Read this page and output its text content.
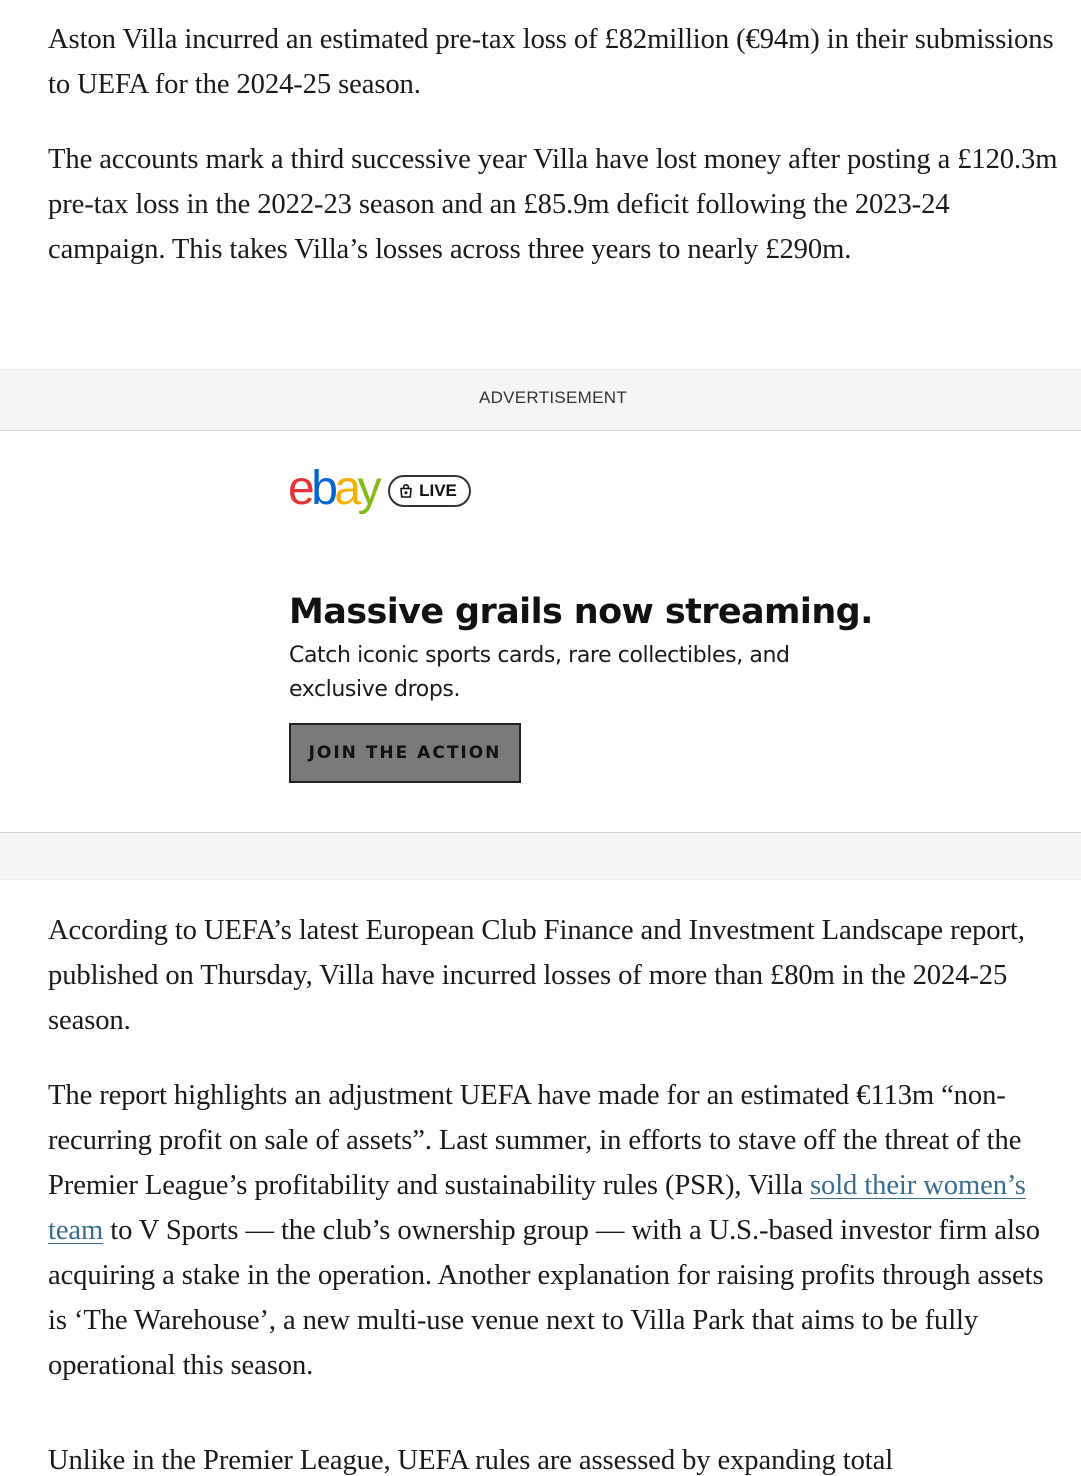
Aston Villa incurred an estimated pre-tax loss of £82million (€94m) in their submissions to UEFA for the 2024-25 season.

The accounts mark a third successive year Villa have lost money after posting a £120.3m pre-tax loss in the 2022-23 season and an £85.9m deficit following the 2023-24 campaign. This takes Villa’s losses across three years to nearly £290m.

ADVERTISEMENT
ebay LIVE
Massive grails now streaming.

Catch iconic sports cards, rare collectibles, and exclusive drops.

JOIN THE ACTION

According to UEFA’s latest European Club Finance and Investment Landscape report, published on Thursday, Villa have incurred losses of more than £80m in the 2024-25 season.

The report highlights an adjustment UEFA have made for an estimated €113m “non-recurring profit on sale of assets”. Last summer, in efforts to stave off the threat of the Premier League’s profitability and sustainability rules (PSR), Villa sold their women’s team to V Sports — the club’s ownership group — with a U.S.-based investor firm also acquiring a stake in the operation. Another explanation for raising profits through assets is ‘The Warehouse’, a new multi-use venue next to Villa Park that aims to be fully operational this season.

Unlike in the Premier League, UEFA rules are assessed by expanding total
